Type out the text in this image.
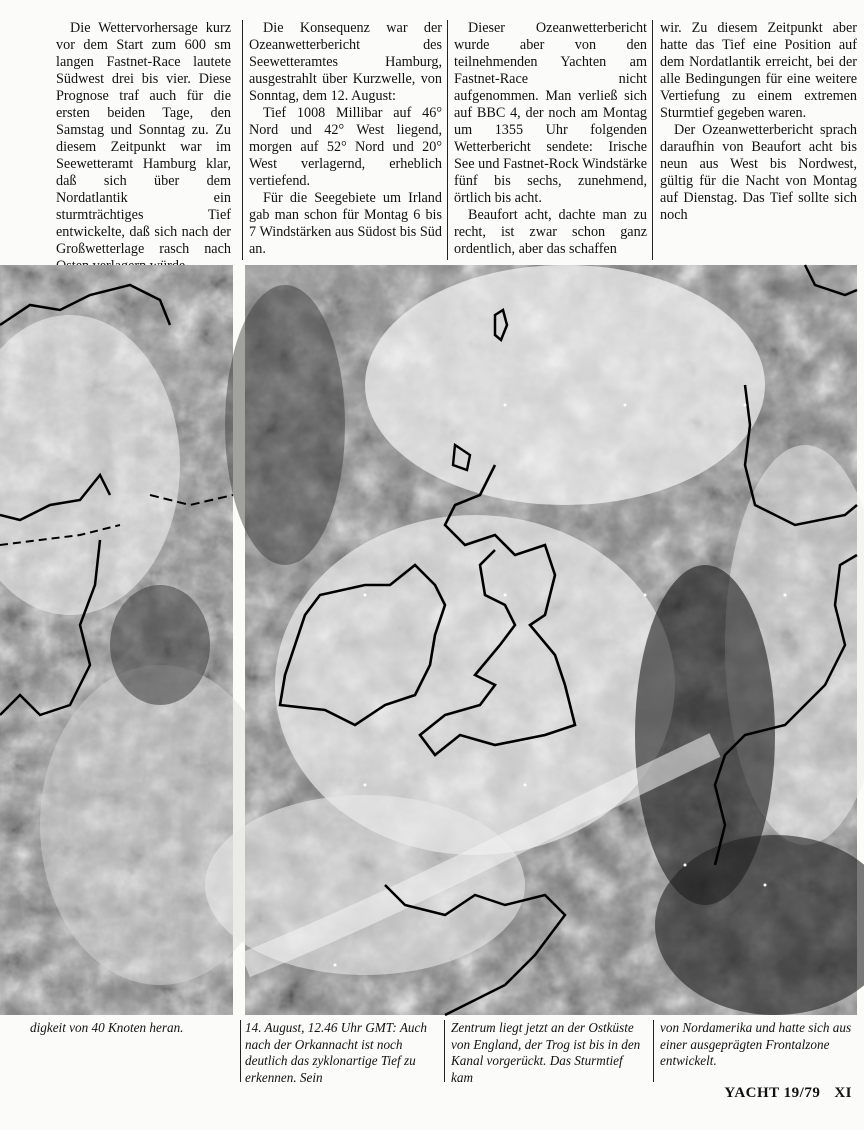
Die Wettervorhersage kurz vor dem Start zum 600 sm langen Fastnet-Race lautete Südwest drei bis vier. Diese Prognose traf auch für die ersten beiden Tage, den Samstag und Sonntag zu. Zu diesem Zeitpunkt war im Seewetteramt Hamburg klar, daß sich über dem Nordatlantik ein sturmträchtiges Tief entwickelte, daß sich nach der Großwetterlage rasch nach

Die Konsequenz war der Ozeanwetterbericht des Seewetteramtes Hamburg, ausgestrahlt über Kurzwelle, von Sonntag, dem 12. August:

Tief 1008 Millibar auf 46° Nord und 42° West liegend, morgen auf 52° Nord und 20° West verlagernd, erheblich vertiefend.

Für die Seegebiete um Irland gab man schon für Montag 6 bis 7 Windstärken aus Südost bis Süd an.

Dieser Ozeanwetterbericht wurde aber von den teilnehmenden Yachten am Fastnet-Race nicht aufgenommen. Man verließ sich auf BBC 4, der noch am Montag um 1355 Uhr folgenden Wetterbericht sendete: Irische See und Fastnet-Rock Windstärke fünf bis sechs, zunehmend, örtlich bis acht.

Beaufort acht, dachte man zu recht, ist zwar schon ganz ordentlich, aber das schaffen

wir. Zu diesem Zeitpunkt aber hatte das Tief eine Position auf dem Nordatlantik erreicht, bei der alle Bedingungen für eine weitere Vertiefung zu einem extremen Sturmtief gegeben waren.

Der Ozeanwetterbericht sprach daraufhin von Beaufort acht bis neun aus West bis Nordwest, gültig für die Nacht von Montag auf Dienstag. Das Tief sollte sich noch

digkeit von 40 Knoten heran.	14. August, 12.46 Uhr GMT: Auch nach der Orkannacht ist noch deutlich das zyklonartige Tief zu erkennen. Sein

Zentrum liegt jetzt an der Ostküste von England, der Trog ist bis in den Kanal vorgerückt. Das Sturmtief kam

von Nordamerika und hatte sich aus einer ausgeprägten Frontalzone entwickelt.

YACHT 19/79 XI
